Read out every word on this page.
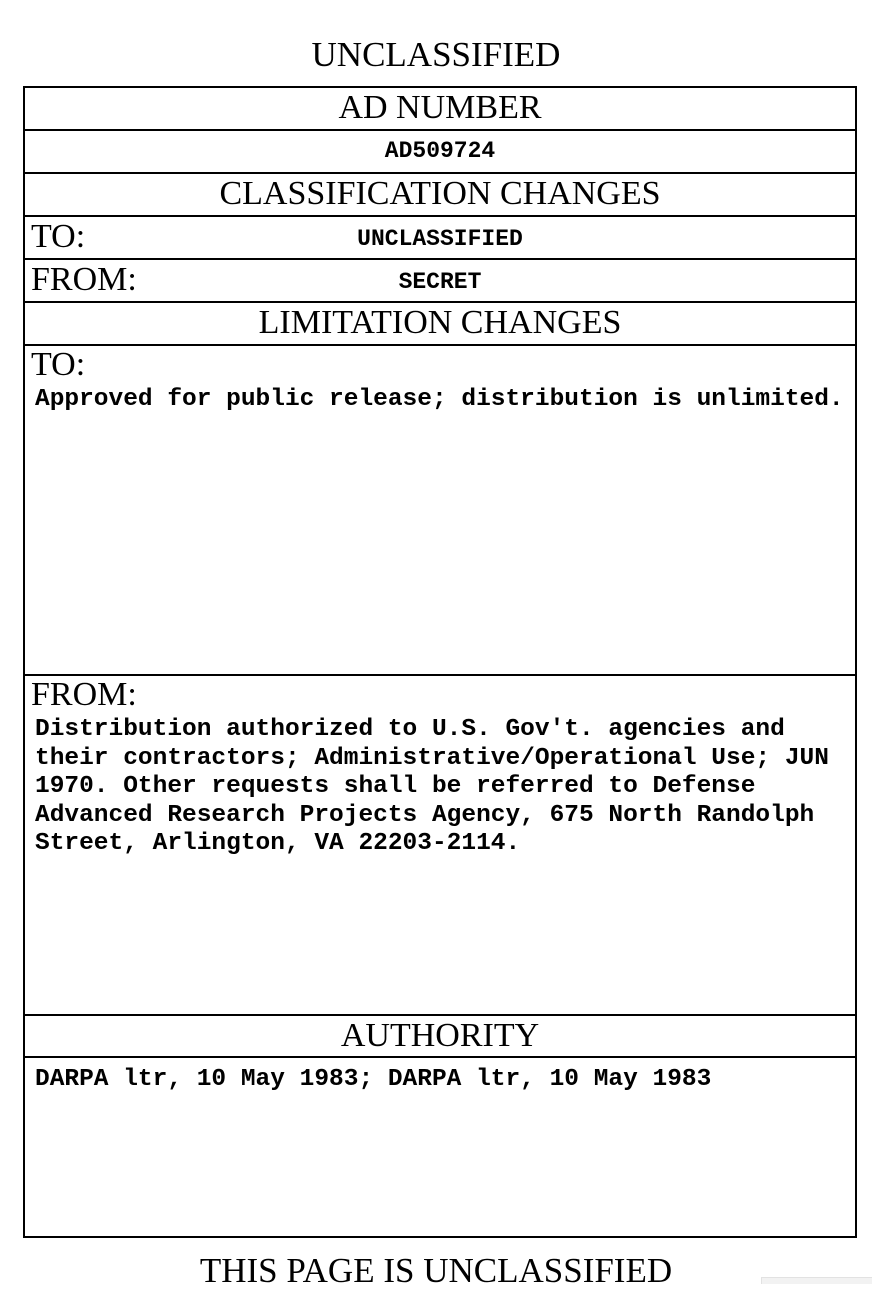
UNCLASSIFIED
AD NUMBER
AD509724
CLASSIFICATION CHANGES
TO:	UNCLASSIFIED
FROM:	SECRET
LIMITATION CHANGES
TO:
Approved for public release; distribution is unlimited.
FROM:
Distribution authorized to U.S. Gov't. agencies and their contractors; Administrative/Operational Use; JUN 1970. Other requests shall be referred to Defense Advanced Research Projects Agency, 675 North Randolph Street, Arlington, VA 22203-2114.
AUTHORITY
DARPA ltr, 10 May 1983; DARPA ltr, 10 May 1983
THIS PAGE IS UNCLASSIFIED
